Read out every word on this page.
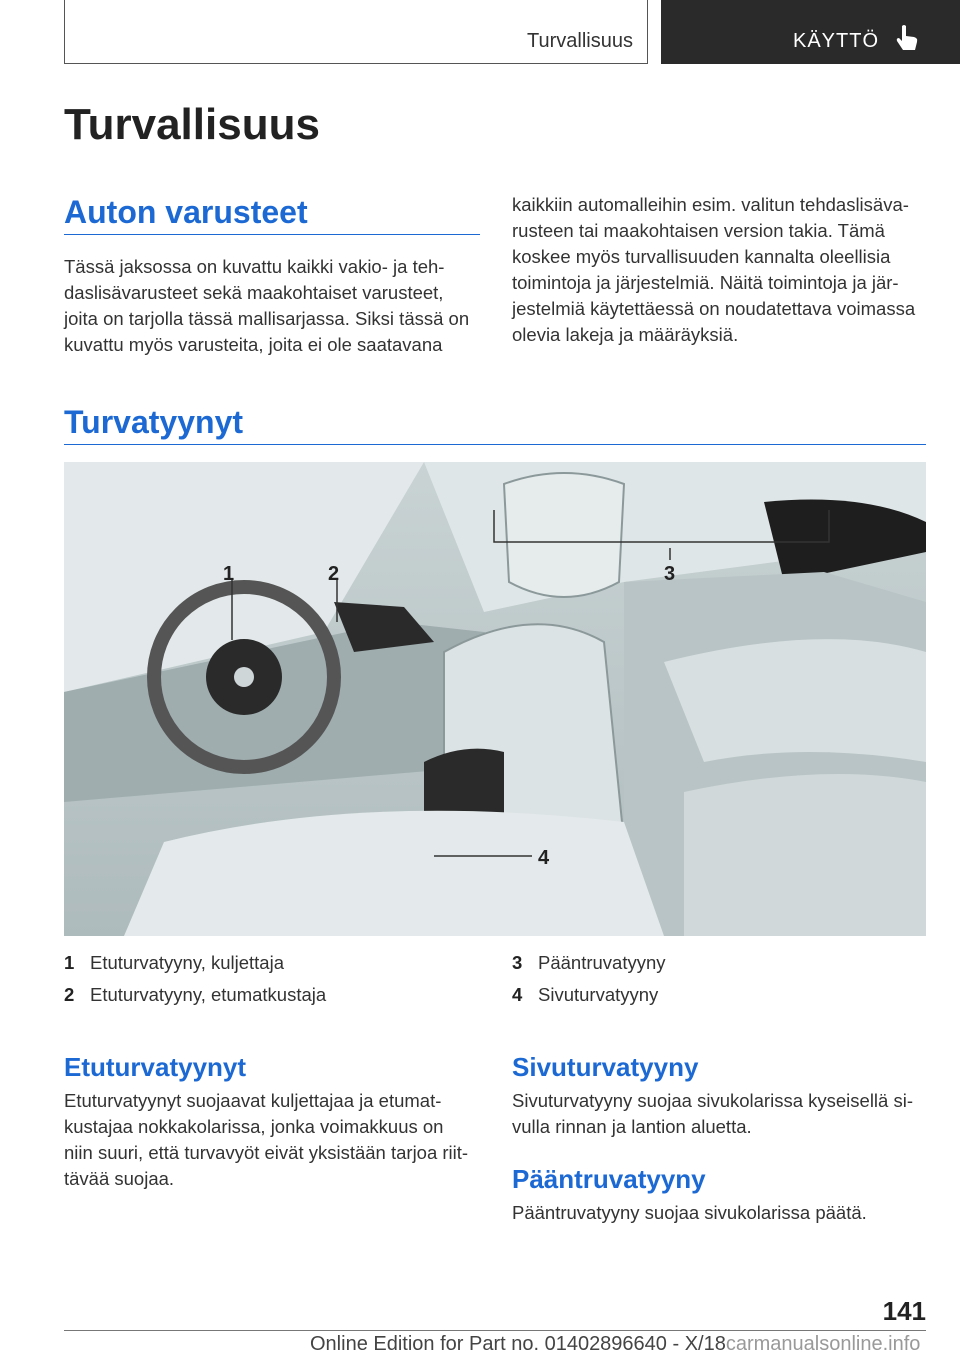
Turvallisuus	KÄYTTÖ
Turvallisuus
Auton varusteet
Tässä jaksossa on kuvattu kaikki vakio- ja teh-
daslisävarusteet sekä maakohtaiset varusteet,
joita on tarjolla tässä mallisarjassa. Siksi tässä on
kuvattu myös varusteita, joita ei ole saatavana
kaikkiin automalleihin esim. valitun tehdaslisäva-
rusteen tai maakohtaisen version takia. Tämä
koskee myös turvallisuuden kannalta oleellisia
toimintoja ja järjestelmiä. Näitä toimintoja ja jär-
jestelmiä käytettäessä on noudatettava voimassa
olevia lakeja ja määräyksiä.
Turvatyynyt
1	2	3
4
1 Etuturvatyyny, kuljettaja
2 Etuturvatyyny, etumatkustaja
3 Pääntruvatyyny
4 Sivuturvatyyny
Etuturvatyynyt
Etuturvatyynyt suojaavat kuljettajaa ja etumat-
kustajaa nokkakolarissa, jonka voimakkuus on
niin suuri, että turvavyöt eivät yksistään tarjoa riit-
tävää suojaa.
Sivuturvatyyny
Sivuturvatyyny suojaa sivukolarissa kyseisellä si-
vulla rinnan ja lantion aluetta.
Pääntruvatyyny
Pääntruvatyyny suojaa sivukolarissa päätä.
141
Online Edition for Part no. 01402896640 - X/18carmanualsonline.info
